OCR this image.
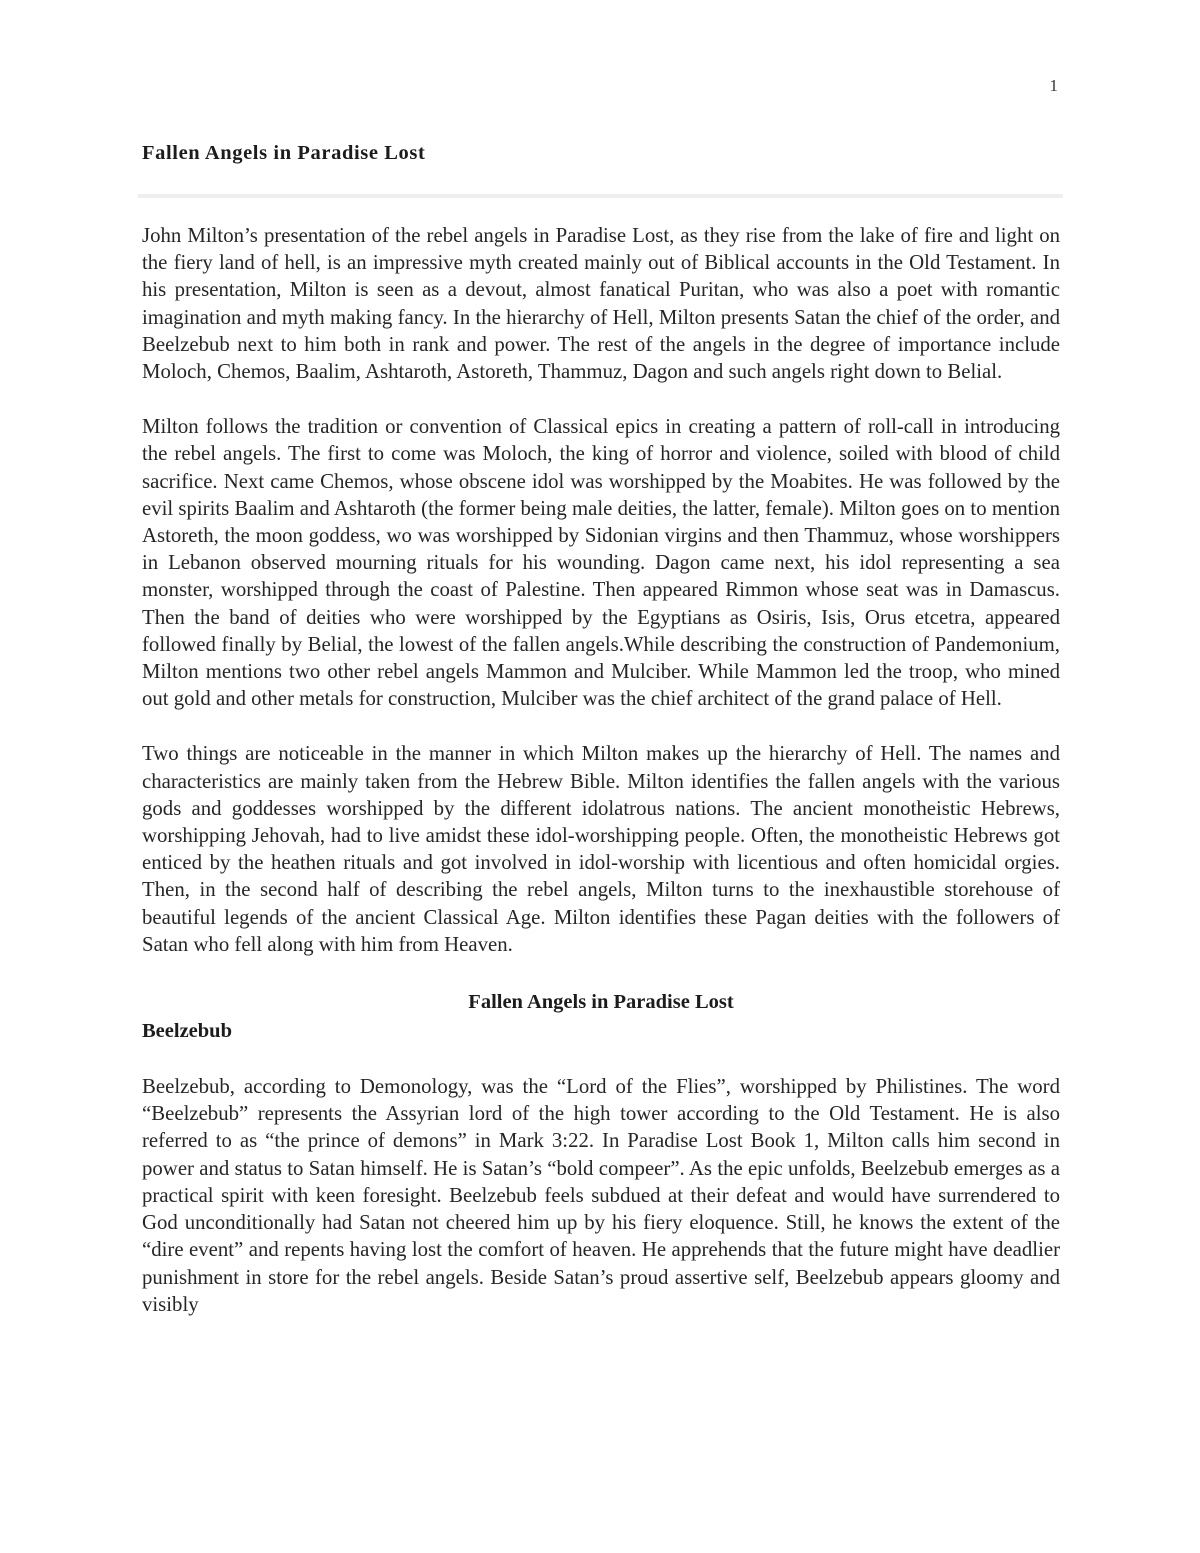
1
Fallen Angels in Paradise Lost

John Milton’s presentation of the rebel angels in Paradise Lost, as they rise from the lake of fire and light on the fiery land of hell, is an impressive myth created mainly out of Biblical accounts in the Old Testament. In his presentation, Milton is seen as a devout, almost fanatical Puritan, who was also a poet with romantic imagination and myth making fancy. In the hierarchy of Hell, Milton presents Satan the chief of the order, and Beelzebub next to him both in rank and power. The rest of the angels in the degree of importance include Moloch, Chemos, Baalim, Ashtaroth, Astoreth, Thammuz, Dagon and such angels right down to Belial.

Milton follows the tradition or convention of Classical epics in creating a pattern of roll-call in introducing the rebel angels. The first to come was Moloch, the king of horror and violence, soiled with blood of child sacrifice. Next came Chemos, whose obscene idol was worshipped by the Moabites. He was followed by the evil spirits Baalim and Ashtaroth (the former being male deities, the latter, female). Milton goes on to mention Astoreth, the moon goddess, wo was worshipped by Sidonian virgins and then Thammuz, whose worshippers in Lebanon observed mourning rituals for his wounding. Dagon came next, his idol representing a sea monster, worshipped through the coast of Palestine. Then appeared Rimmon whose seat was in Damascus. Then the band of deities who were worshipped by the Egyptians as Osiris, Isis, Orus etcetra, appeared followed finally by Belial, the lowest of the fallen angels.While describing the construction of Pandemonium, Milton mentions two other rebel angels Mammon and Mulciber. While Mammon led the troop, who mined out gold and other metals for construction, Mulciber was the chief architect of the grand palace of Hell.

Two things are noticeable in the manner in which Milton makes up the hierarchy of Hell. The names and characteristics are mainly taken from the Hebrew Bible. Milton identifies the fallen angels with the various gods and goddesses worshipped by the different idolatrous nations. The ancient monotheistic Hebrews, worshipping Jehovah, had to live amidst these idol-worshipping people. Often, the monotheistic Hebrews got enticed by the heathen rituals and got involved in idol-worship with licentious and often homicidal orgies. Then, in the second half of describing the rebel angels, Milton turns to the inexhaustible storehouse of beautiful legends of the ancient Classical Age. Milton identifies these Pagan deities with the followers of Satan who fell along with him from Heaven.

Fallen Angels in Paradise Lost
Beelzebub

Beelzebub, according to Demonology, was the “Lord of the Flies”, worshipped by Philistines. The word “Beelzebub” represents the Assyrian lord of the high tower according to the Old Testament. He is also referred to as “the prince of demons” in Mark 3:22. In Paradise Lost Book 1, Milton calls him second in power and status to Satan himself. He is Satan’s “bold compeer”. As the epic unfolds, Beelzebub emerges as a practical spirit with keen foresight. Beelzebub feels subdued at their defeat and would have surrendered to God unconditionally had Satan not cheered him up by his fiery eloquence. Still, he knows the extent of the “dire event” and repents having lost the comfort of heaven. He apprehends that the future might have deadlier punishment in store for the rebel angels. Beside Satan’s proud assertive self, Beelzebub appears gloomy and visibly
